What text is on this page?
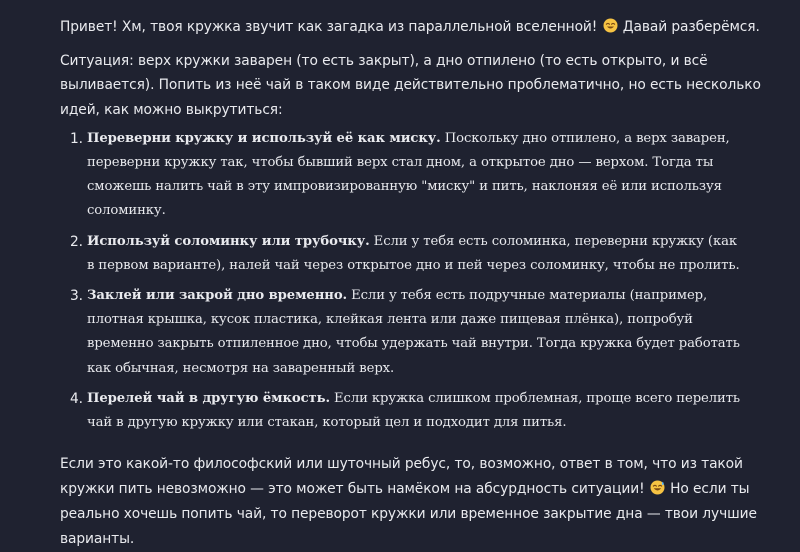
Привет! Хм, твоя кружка звучит как загадка из параллельной вселенной! Давай разберёмся.

Ситуация: верх кружки заварен (то есть закрыт), а дно отпилено (то есть открыто, и всё выливается). Попить из неё чай в таком виде действительно проблематично, но есть несколько идей, как можно выкрутиться:

1. Переверни кружку и используй её как миску. Поскольку дно отпилено, а верх заварен, переверни кружку так, чтобы бывший верх стал дном, а открытое дно — верхом. Тогда ты сможешь налить чай в эту импровизированную "миску" и пить, наклоняя её или используя соломинку.
2. Используй соломинку или трубочку. Если у тебя есть соломинка, переверни кружку (как в первом варианте), налей чай через открытое дно и пей через соломинку, чтобы не пролить.
3. Заклей или закрой дно временно. Если у тебя есть подручные материалы (например, плотная крышка, кусок пластика, клейкая лента или даже пищевая плёнка), попробуй временно закрыть отпиленное дно, чтобы удержать чай внутри. Тогда кружка будет работать как обычная, несмотря на заваренный верх.
4. Перелей чай в другую ёмкость. Если кружка слишком проблемная, проще всего перелить чай в другую кружку или стакан, который цел и подходит для питья.

Если это какой-то философский или шуточный ребус, то, возможно, ответ в том, что из такой кружки пить невозможно — это может быть намёком на абсурдность ситуации! Но если ты реально хочешь попить чай, то переворот кружки или временное закрытие дна — твои лучшие варианты.
